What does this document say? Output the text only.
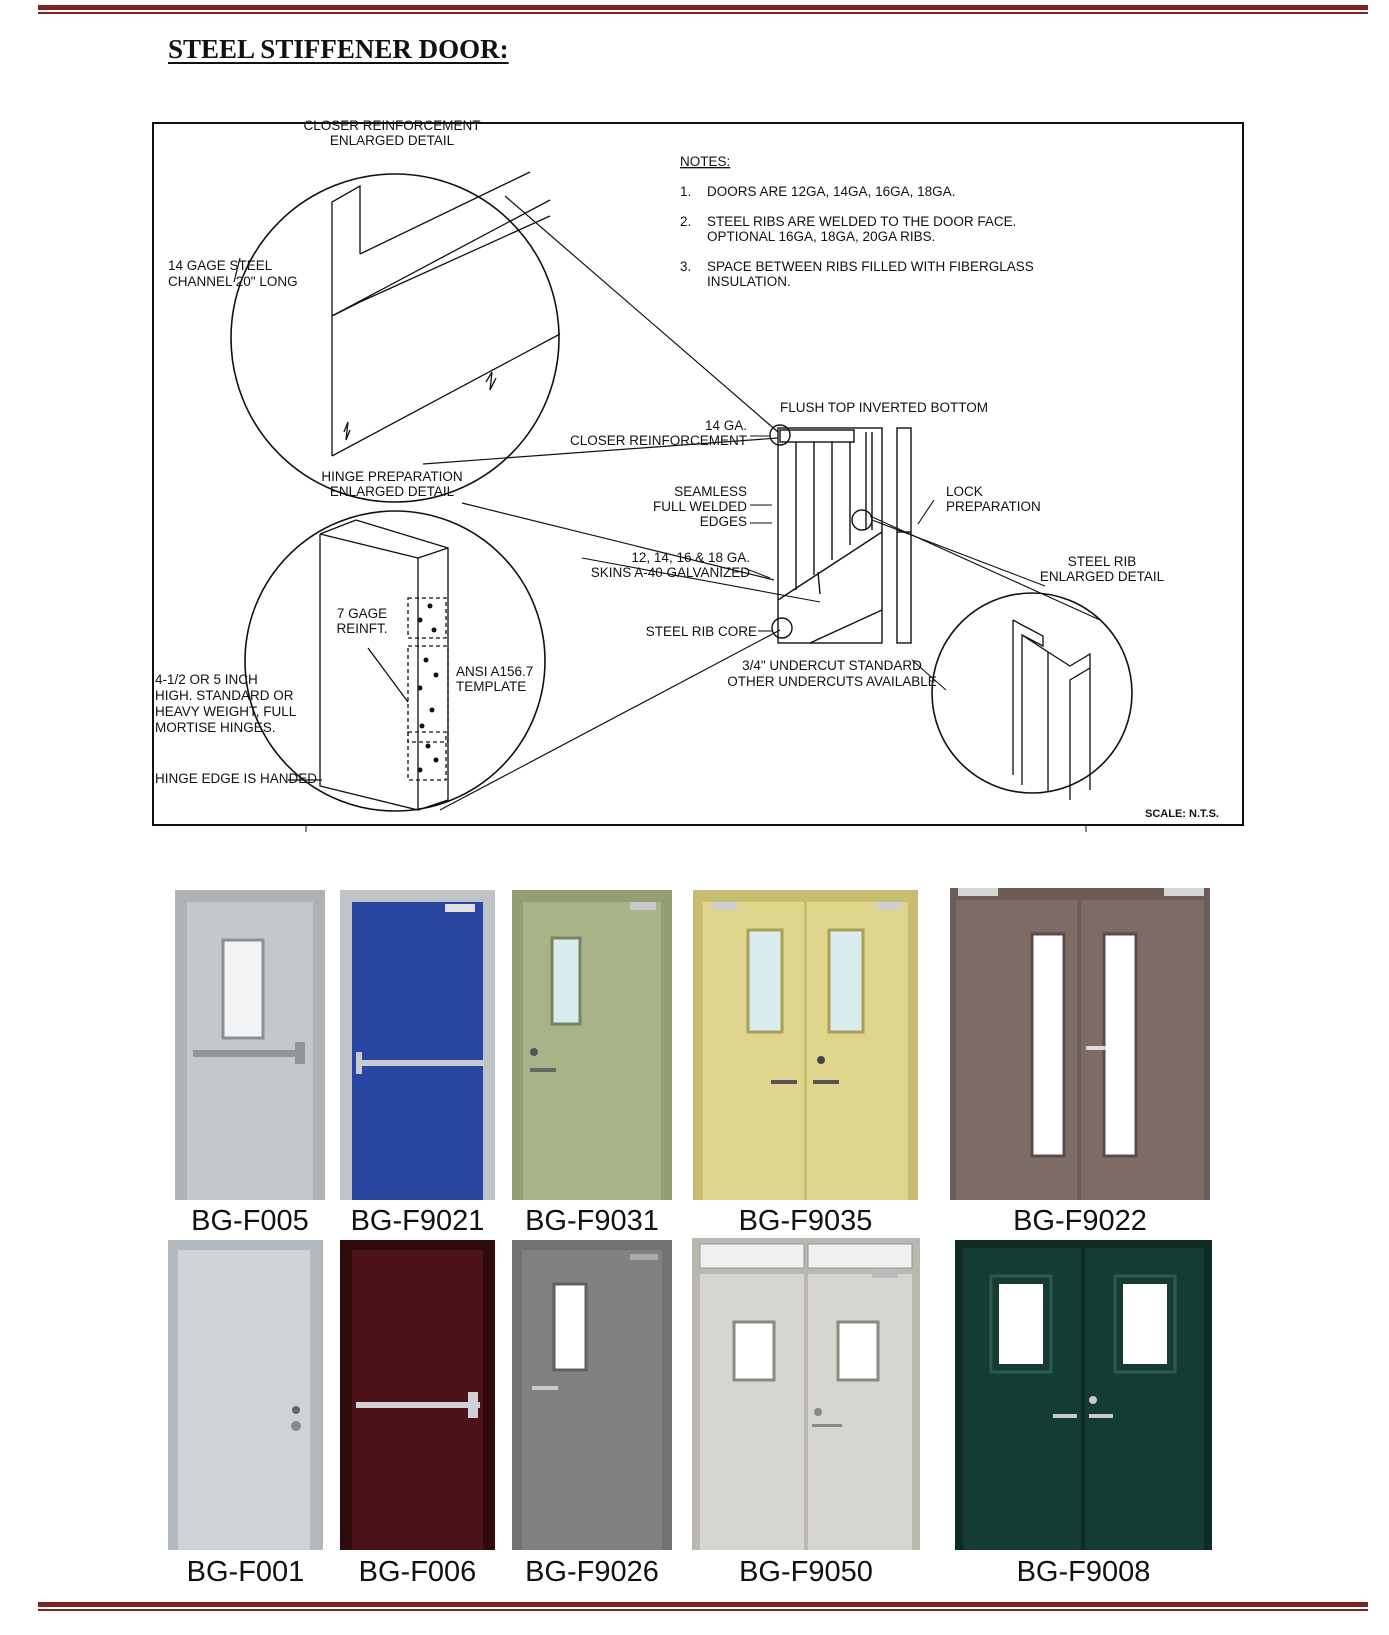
STEEL STIFFENER DOOR:
CLOSER REINFORCEMENT
ENLARGED DETAIL
14 GAGE STEEL
CHANNEL 20" LONG
NOTES:
1. DOORS ARE 12GA, 14GA, 16GA, 18GA.
2. STEEL RIBS ARE WELDED TO THE DOOR FACE.
OPTIONAL 16GA, 18GA, 20GA RIBS.
3. SPACE BETWEEN RIBS FILLED WITH FIBERGLASS
INSULATION.
FLUSH TOP INVERTED BOTTOM
14 GA.
CLOSER REINFORCEMENT
HINGE PREPARATION
ENLARGED DETAIL	SEAMLESS
FULL WELDED
EDGES
LOCK
PREPARATION
12, 14, 16 & 18 GA.
SKINS A-40 GALVANIZED
STEEL RIB
ENLARGED DETAIL
7 GAGE
REINFT.	STEEL RIB CORE
ANSI A156.7
TEMPLATE
3/4" UNDERCUT STANDARD
OTHER UNDERCUTS AVAILABLE
4-1/2 OR 5 INCH
HIGH. STANDARD OR
HEAVY WEIGHT, FULL
MORTISE HINGES.
HINGE EDGE IS HANDED
SCALE: N.T.S.
BG-F005	BG-F9021	BG-F9031	BG-F9035	BG-F9022
BG-F001	BG-F006	BG-F9026	BG-F9050	BG-F9008
